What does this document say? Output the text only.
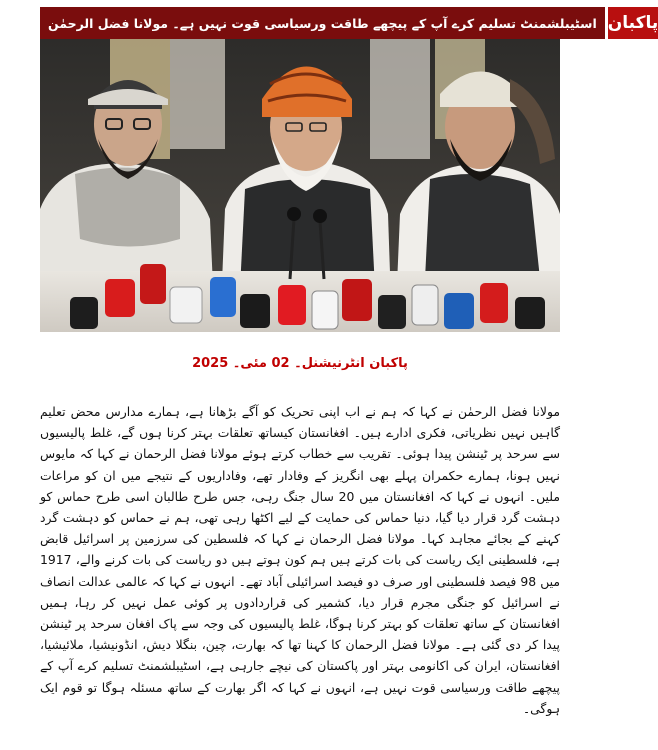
اسٹیبلشمنٹ تسلیم کرے آپ کے پیچھے طاقت ورسیاسی قوت نہیں ہے۔ مولانا فضل الرحمٰن پاکبان
پاکبان انٹرنیشنل۔ 02 مئی۔ 2025

مولانا فضل الرحمٰن نے کہا کہ ہم نے اب اپنی تحریک کو آگے بڑھانا ہے، ہمارے مدارس محض تعلیم گاہیں نہیں نظریاتی، فکری ادارے ہیں۔ افغانستان کیساتھ تعلقات بہتر کرنا ہوں گے، غلط پالیسیوں سے سرحد پر ٹینشن پیدا ہوئی۔ تقریب سے خطاب کرتے ہوئے مولانا فضل الرحمان نے کہا کہ مایوس نہیں ہونا، ہمارے حکمران پہلے بھی انگریز کے وفادار تھے، وفاداریوں کے نتیجے میں ان کو مراعات ملیں۔ انہوں نے کہا کہ افغانستان میں 20 سال جنگ رہی، جس طرح طالبان اسی طرح حماس کو دہشت گرد قرار دیا گیا، دنیا حماس کی حمایت کے لیے اکٹھا رہی تھی، ہم نے حماس کو دہشت گرد کہنے کے بجائے مجاہد کہا۔ مولانا فضل الرحمان نے کہا کہ فلسطین کی سرزمین پر اسرائیل قابض ہے، فلسطینی ایک ریاست کی بات کرتے ہیں ہم کون ہوتے ہیں دو ریاست کی بات کرنے والے، 1917 میں 98 فیصد فلسطینی اور صرف دو فیصد اسرائیلی آباد تھے۔ انہوں نے کہا کہ عالمی عدالت انصاف نے اسرائیل کو جنگی مجرم قرار دیا، کشمیر کی قراردادوں پر کوئی عمل نہیں کر رہا، ہمیں افغانستان کے ساتھ تعلقات کو بہتر کرنا ہوگا، غلط پالیسیوں کی وجہ سے پاک افغان سرحد پر ٹینشن پیدا کر دی گئی ہے۔ مولانا فضل الرحمان کا کہنا تھا کہ بھارت، چین، بنگلا دیش، انڈونیشیا، ملائیشیا، افغانستان، ایران کی اکانومی بہتر اور پاکستان کی نیچے جارہی ہے، اسٹیبلشمنٹ تسلیم کرے آپ کے پیچھے طاقت ورسیاسی قوت نہیں ہے، انہوں نے کہا کہ اگر بھارت کے ساتھ مسئلہ ہوگا تو قوم ایک ہوگی۔
